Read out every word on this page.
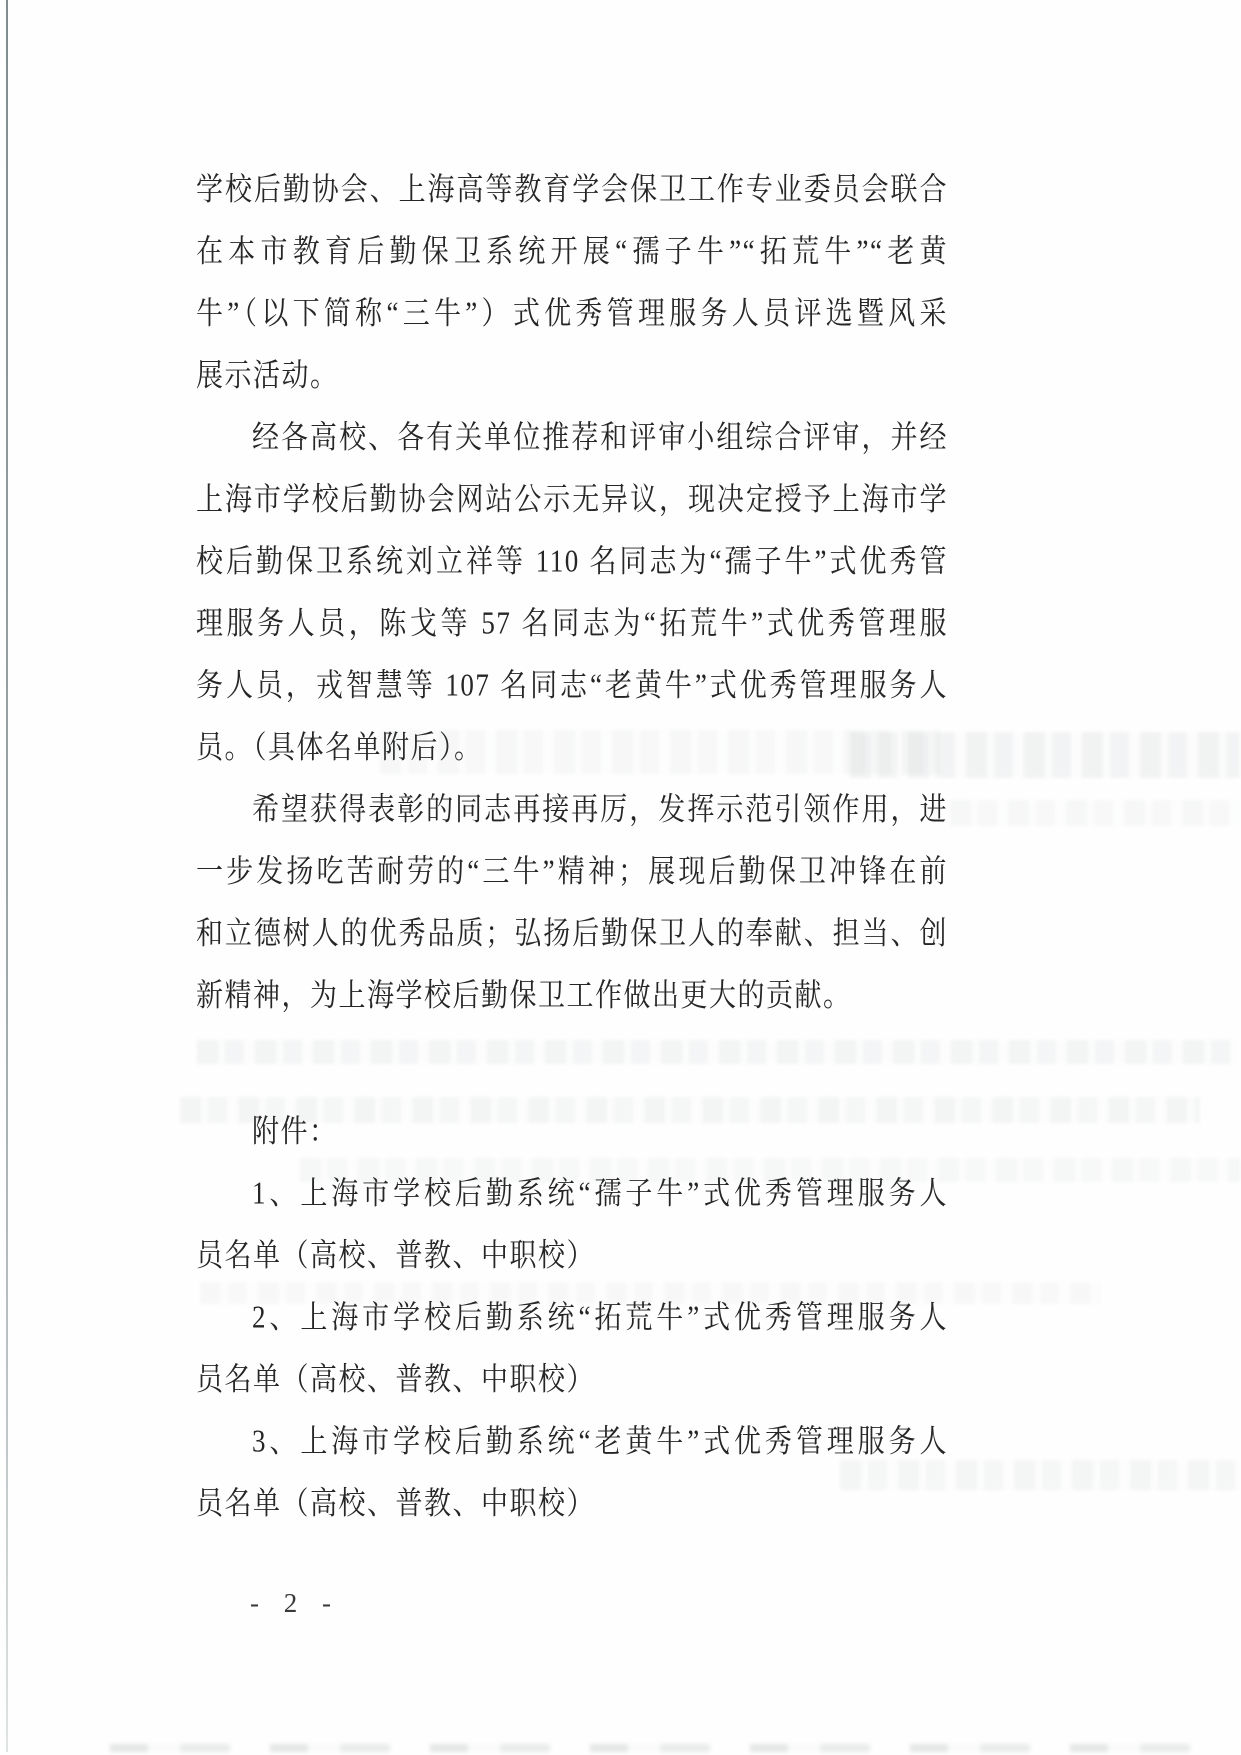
学校后勤协会、上海高等教育学会保卫工作专业委员会联合
在本市教育后勤保卫系统开展“孺子牛”“拓荒牛”“老黄
牛”（以下简称“三牛”）式优秀管理服务人员评选暨风采
展示活动。
经各高校、各有关单位推荐和评审小组综合评审，并经
上海市学校后勤协会网站公示无异议，现决定授予上海市学
校后勤保卫系统刘立祥等 110 名同志为“孺子牛”式优秀管
理服务人员，陈戈等 57 名同志为“拓荒牛”式优秀管理服
务人员，戎智慧等 107 名同志“老黄牛”式优秀管理服务人
员。（具体名单附后）。
希望获得表彰的同志再接再厉，发挥示范引领作用，进
一步发扬吃苦耐劳的“三牛”精神；展现后勤保卫冲锋在前
和立德树人的优秀品质；弘扬后勤保卫人的奉献、担当、创
新精神，为上海学校后勤保卫工作做出更大的贡献。
附件：
1、上海市学校后勤系统“孺子牛”式优秀管理服务人
员名单（高校、普教、中职校）
2、上海市学校后勤系统“拓荒牛”式优秀管理服务人
员名单（高校、普教、中职校）
3、上海市学校后勤系统“老黄牛”式优秀管理服务人
员名单（高校、普教、中职校）
- 2 -
